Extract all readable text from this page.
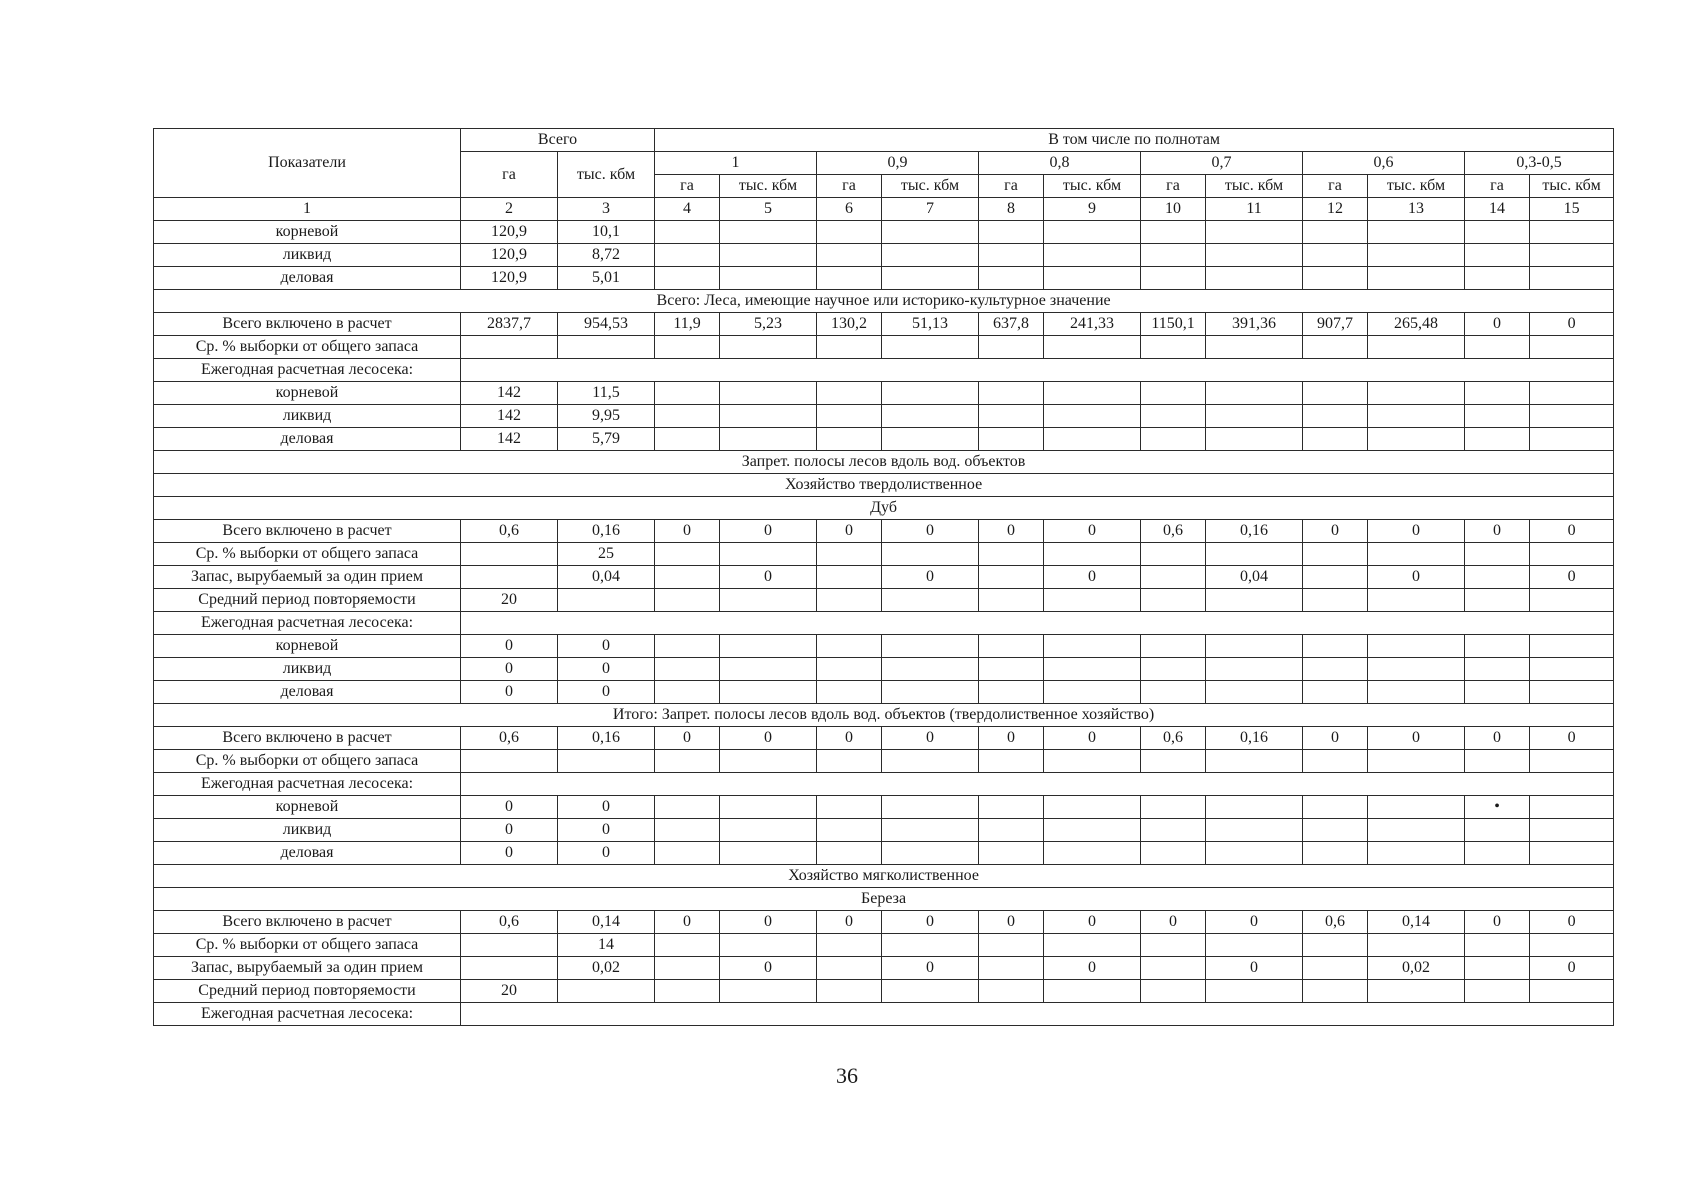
Показатели	Всего		В том числе по полнотам											
	га	тыс. кбм	1		0,9		0,8		0,7		0,6		0,3-0,5	
			га	тыс. кбм	га	тыс. кбм	га	тыс. кбм	га	тыс. кбм	га	тыс. кбм	га	тыс. кбм
1	2	3	4	5	6	7	8	9	10	11	12	13	14	15
корневой	120,9	10,1												
ликвид	120,9	8,72												
деловая	120,9	5,01												
Всего: Леса, имеющие научное или историко-культурное значение														
Всего включено в расчет	2837,7	954,53	11,9	5,23	130,2	51,13	637,8	241,33	1150,1	391,36	907,7	265,48	0	0
Ср. % выборки от общего запаса														
Ежегодная расчетная лесосека:														
корневой	142	11,5												
ликвид	142	9,95												
деловая	142	5,79												
Запрет. полосы лесов вдоль вод. объектов														
Хозяйство твердолиственное														
Дуб														
Всего включено в расчет	0,6	0,16	0	0	0	0	0	0	0,6	0,16	0	0	0	0
Ср. % выборки от общего запаса		25												
Запас, вырубаемый за один прием		0,04		0		0		0		0,04		0		0
Средний период повторяемости	20													
Ежегодная расчетная лесосека:														
корневой	0	0												
ликвид	0	0												
деловая	0	0												
Итого: Запрет. полосы лесов вдоль вод. объектов (твердолиственное хозяйство)														
Всего включено в расчет	0,6	0,16	0	0	0	0	0	0	0,6	0,16	0	0	0	0
Ср. % выборки от общего запаса														
Ежегодная расчетная лесосека:														
корневой	0	0											•	
ликвид	0	0												
деловая	0	0												
Хозяйство мягколиственное														
Береза														
Всего включено в расчет	0,6	0,14	0	0	0	0	0	0	0	0	0,6	0,14	0	0
Ср. % выборки от общего запаса		14												
Запас, вырубаемый за один прием		0,02		0		0		0		0		0,02		0
Средний период повторяемости	20													
Ежегодная расчетная лесосека:														
36
